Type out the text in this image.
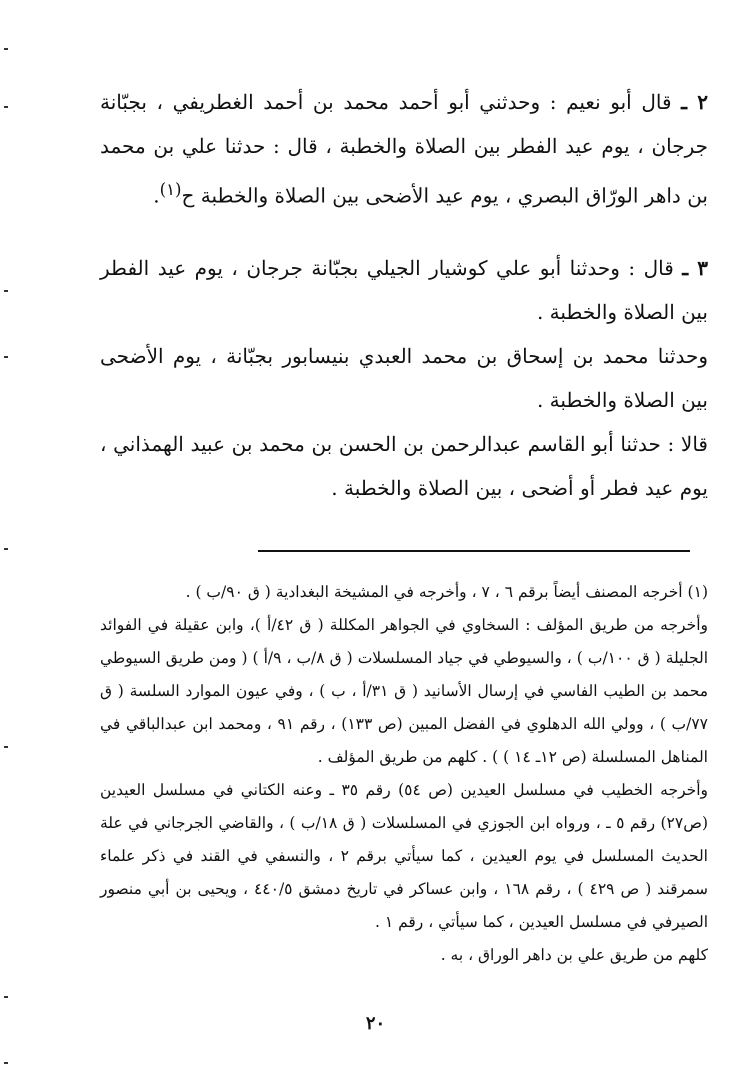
٢ ـ قال أبو نعيم : وحدثني أبو أحمد محمد بن أحمد الغطريفي ، بجبّانة جرجان ، يوم عيد الفطر بين الصلاة والخطبة ، قال : حدثنا علي بن محمد بن داهر الورّاق البصري ، يوم عيد الأضحى بين الصلاة والخطبة ح$^{(١)}$.

٣ ـ قال : وحدثنا أبو علي كوشيار الجيلي بجبّانة جرجان ، يوم عيد الفطر بين الصلاة والخطبة .

وحدثنا محمد بن إسحاق بن محمد العبدي بنيسابور بجبّانة ، يوم الأضحى بين الصلاة والخطبة .

قالا : حدثنا أبو القاسم عبدالرحمن بن الحسن بن محمد بن عبيد الهمذاني ، يوم عيد فطر أو أضحى ، بين الصلاة والخطبة .

(١) أخرجه المصنف أيضاً برقم ٦ ، ٧ ، وأخرجه في المشيخة البغدادية ( ق ٩٠/ب ) .

وأخرجه من طريق المؤلف : السخاوي في الجواهر المكللة ( ق ٤٢/أ )، وابن عقيلة في الفوائد الجليلة ( ق ١٠٠/ب ) ، والسيوطي في جياد المسلسلات ( ق ٨/ب ، ٩/أ ) ( ومن طريق السيوطي محمد بن الطيب الفاسي في إرسال الأسانيد ( ق ٣١/أ ، ب ) ، وفي عيون الموارد السلسة ( ق ٧٧/ب ) ، وولي الله الدهلوي في الفضل المبين (ص ١٣٣) ، رقم ٩١ ، ومحمد ابن عبدالباقي في المناهل المسلسلة (ص ١٢ـ ١٤ ) ) . كلهم من طريق المؤلف .

وأخرجه الخطيب في مسلسل العيدين (ص ٥٤) رقم ٣٥ ـ وعنه الكتاني في مسلسل العيدين (ص٢٧) رقم ٥ ـ ، ورواه ابن الجوزي في المسلسلات ( ق ١٨/ب ) ، والقاضي الجرجاني في علة الحديث المسلسل في يوم العيدين ، كما سيأتي برقم ٢ ، والنسفي في القند في ذكر علماء سمرقند ( ص ٤٢٩ ) ، رقم ١٦٨ ، وابن عساكر في تاريخ دمشق ٤٤٠/٥ ، ويحيى بن أبي منصور الصيرفي في مسلسل العيدين ، كما سيأتي ، رقم ١ .

كلهم من طريق علي بن داهر الوراق ، به .

٢٠
